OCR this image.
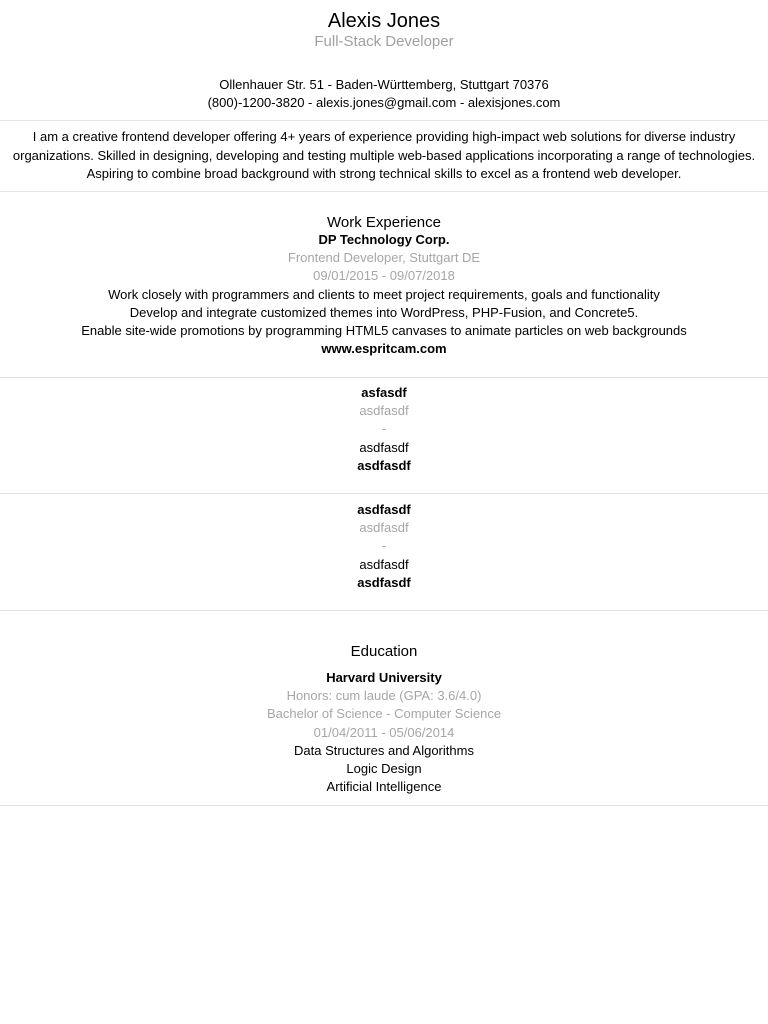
Alexis Jones
Full-Stack Developer
Ollenhauer Str. 51 - Baden-Württemberg, Stuttgart 70376
(800)-1200-3820 - alexis.jones@gmail.com - alexisjones.com
I am a creative frontend developer offering 4+ years of experience providing high-impact web solutions for diverse industry organizations. Skilled in designing, developing and testing multiple web-based applications incorporating a range of technologies. Aspiring to combine broad background with strong technical skills to excel as a frontend web developer.
Work Experience
DP Technology Corp.
Frontend Developer, Stuttgart DE
09/01/2015 - 09/07/2018
Work closely with programmers and clients to meet project requirements, goals and functionality
Develop and integrate customized themes into WordPress, PHP-Fusion, and Concrete5.
Enable site-wide promotions by programming HTML5 canvases to animate particles on web backgrounds
www.espritcam.com
asfasdf
asdfasdf
-
asdfasdf
asdfasdf
asdfasdf
asdfasdf
-
asdfasdf
asdfasdf
Education
Harvard University
Honors: cum laude (GPA: 3.6/4.0)
Bachelor of Science - Computer Science
01/04/2011 - 05/06/2014
Data Structures and Algorithms
Logic Design
Artificial Intelligence
